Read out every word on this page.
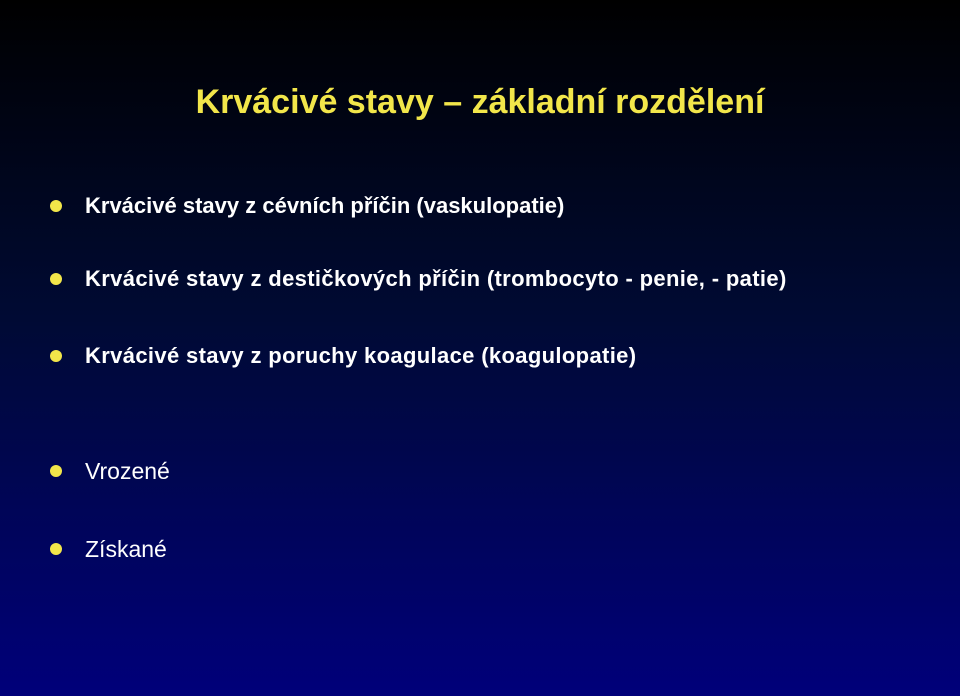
Krvácivé stavy – základní rozdělení
Krvácivé stavy z cévních příčin (vaskulopatie)
Krvácivé stavy z destičkových příčin (trombocyto - penie, - patie)
Krvácivé stavy z poruchy koagulace (koagulopatie)
Vrozené
Získané
